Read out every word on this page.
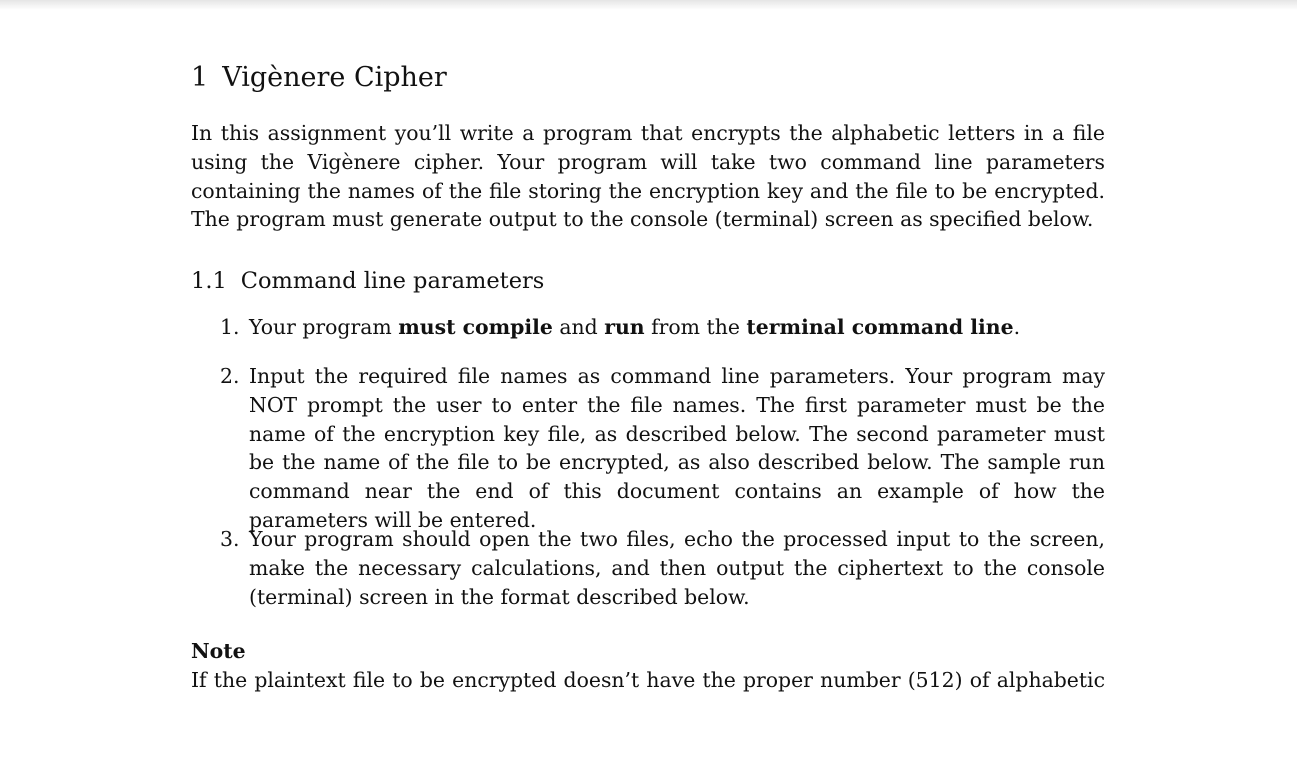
1 Vigènere Cipher

In this assignment you’ll write a program that encrypts the alphabetic letters in a file using the Vigènere cipher. Your program will take two command line parameters containing the names of the file storing the encryption key and the file to be encrypted. The program must generate output to the console (terminal) screen as specified below.

1.1 Command line parameters
1. Your program must compile and run from the terminal command line.
2. Input the required file names as command line parameters. Your program may NOT prompt the user to enter the file names. The first parameter must be the name of the encryption key file, as described below. The second parameter must be the name of the file to be encrypted, as also described below. The sample run command near the end of this document contains an example of how the parameters will be entered.
3. Your program should open the two files, echo the processed input to the screen, make the necessary calculations, and then output the ciphertext to the console (terminal) screen in the format described below.
Note
If the plaintext file to be encrypted doesn’t have the proper number (512) of alphabetic
